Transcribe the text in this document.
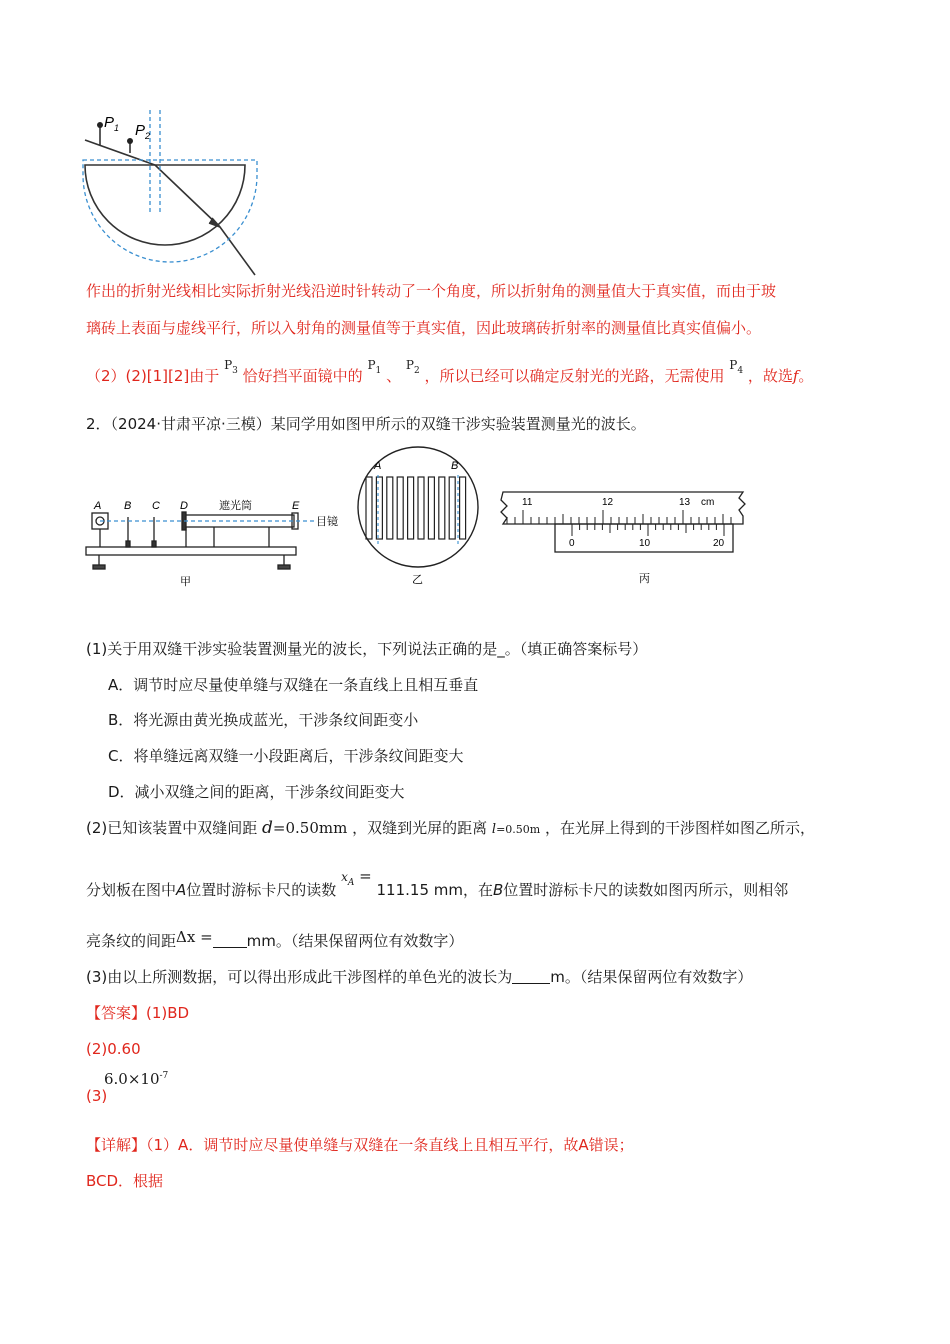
$P_1$ $P_2$
作出的折射光线相比实际折射光线沿逆时针转动了一个角度，所以折射角的测量值大于真实值，而由于玻
璃砖上表面与虚线平行，所以入射角的测量值等于真实值，因此玻璃砖折射率的测量值比真实值偏小。
（2）(2)[1][2]由于 $^{P_3}$ 恰好挡平面镜中的 $^{P_1}$ 、 $^{P_2}$ ，所以已经可以确定反射光的光路，无需使用 $^{P_4}$ ，故选f。
2．（2024·甘肃平凉·三模）某同学用如图甲所示的双缝干涉实验装置测量光的波长。
A B C D	E
遮光筒
目镜
甲
A	B
乙
11	12	13 cm
0	10	20
丙
(1)关于用双缝干涉实验装置测量光的波长，下列说法正确的是_。（填正确答案标号）
A．调节时应尽量使单缝与双缝在一条直线上且相互垂直
B．将光源由黄光换成蓝光，干涉条纹间距变小
C．将单缝远离双缝一小段距离后，干涉条纹间距变大
D．减小双缝之间的距离，干涉条纹间距变大
(2)已知该装置中双缝间距 d=0.50mm ，双缝到光屏的距离 l=0.50m ，在光屏上得到的干涉图样如图乙所示，
分划板在图中A位置时游标卡尺的读数 $x_A = 111.15$ mm，在B位置时游标卡尺的读数如图丙所示，则相邻
亮条纹的间距Δx = mm。（结果保留两位有效数字）
(3)由以上所测数据，可以得出形成此干涉图样的单色光的波长为	m。（结果保留两位有效数字）
【答案】(1)BD
(2)0.60
(3)
$6.0\times 10^{-7}$
【详解】（1）A．调节时应尽量使单缝与双缝在一条直线上且相互平行，故A错误；
BCD．根据
